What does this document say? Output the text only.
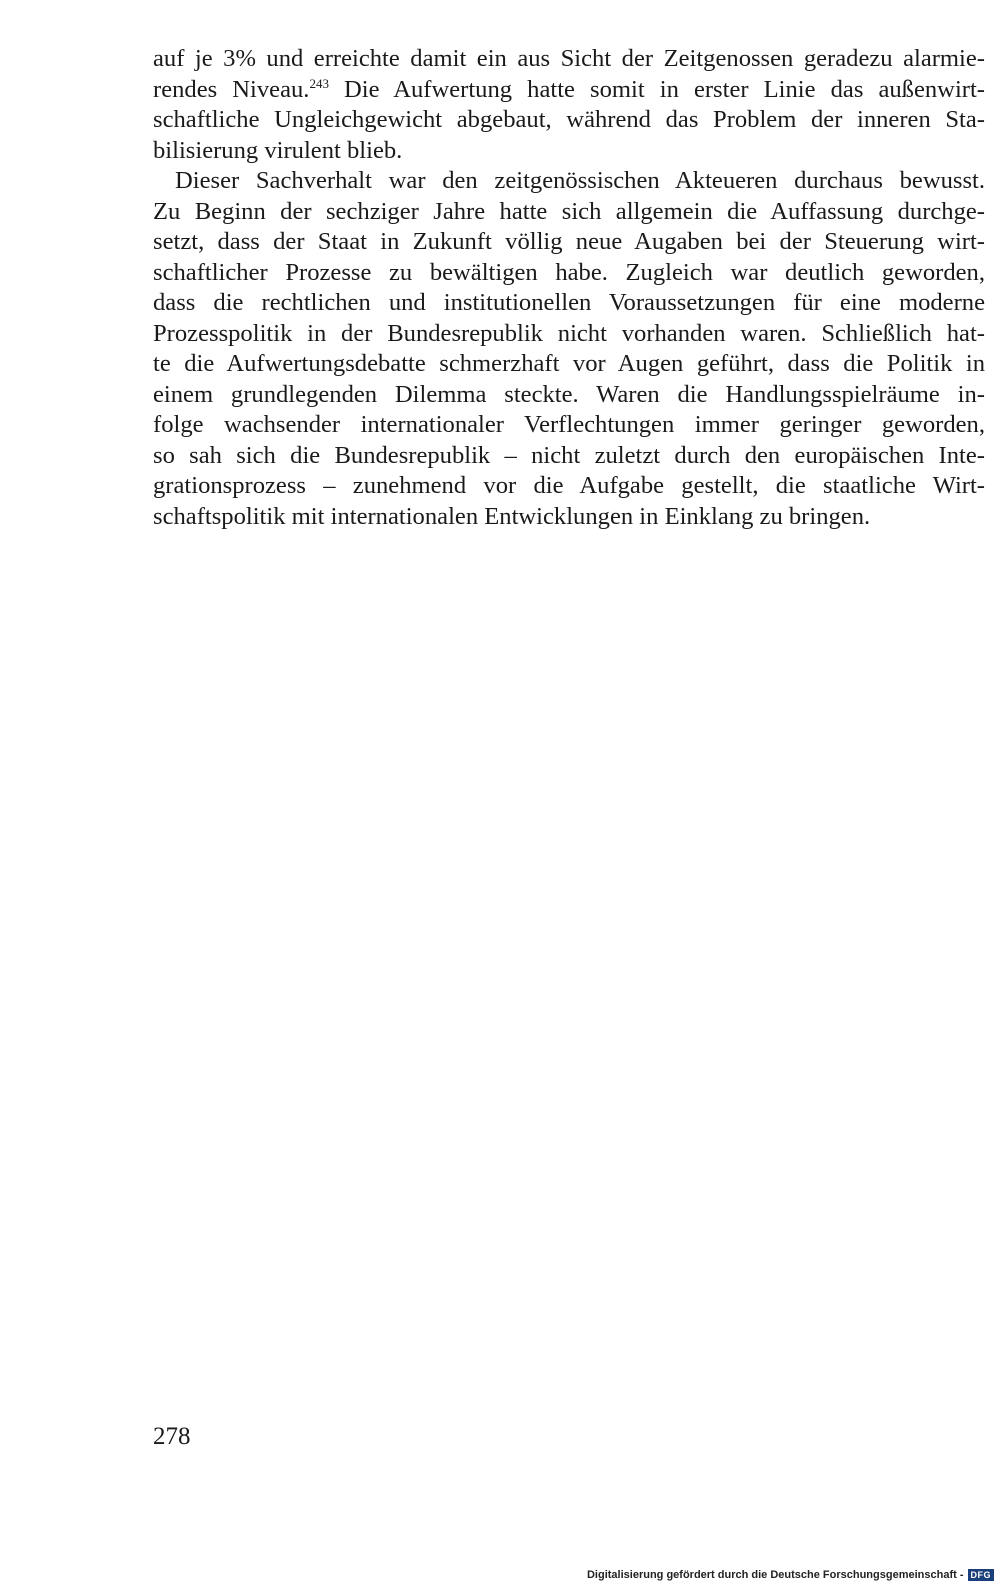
auf je 3% und erreichte damit ein aus Sicht der Zeitgenossen geradezu alarmie-
rendes Niveau.$^{243}$ Die Aufwertung hatte somit in erster Linie das außenwirt-
schaftliche Ungleichgewicht abgebaut, während das Problem der inneren Sta-
bilisierung virulent blieb.
Dieser Sachverhalt war den zeitgenössischen Akteueren durchaus bewusst.
Zu Beginn der sechziger Jahre hatte sich allgemein die Auffassung durchge-
setzt, dass der Staat in Zukunft völlig neue Augaben bei der Steuerung wirt-
schaftlicher Prozesse zu bewältigen habe. Zugleich war deutlich geworden,
dass die rechtlichen und institutionellen Voraussetzungen für eine moderne
Prozesspolitik in der Bundesrepublik nicht vorhanden waren. Schließlich hat-
te die Aufwertungsdebatte schmerzhaft vor Augen geführt, dass die Politik in
einem grundlegenden Dilemma steckte. Waren die Handlungsspielräume in-
folge wachsender internationaler Verflechtungen immer geringer geworden,
so sah sich die Bundesrepublik – nicht zuletzt durch den europäischen Inte-
grationsprozess – zunehmend vor die Aufgabe gestellt, die staatliche Wirt-
schaftspolitik mit internationalen Entwicklungen in Einklang zu bringen.
278
Digitalisierung gefördert durch die Deutsche Forschungsgemeinschaft - DFG
